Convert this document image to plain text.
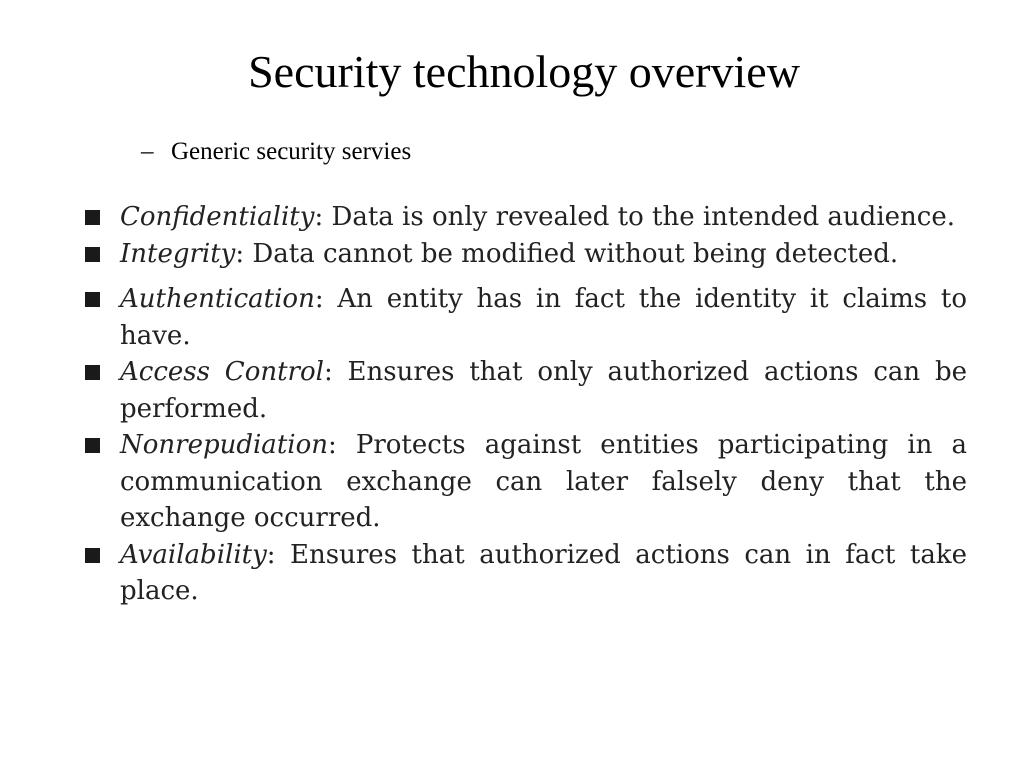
Security technology overview
– Generic security servies
Confidentiality: Data is only revealed to the intended audience.
Integrity: Data cannot be modified without being detected.
Authentication: An entity has in fact the identity it claims to have.
Access Control: Ensures that only authorized actions can be performed.
Nonrepudiation: Protects against entities participating in a communication exchange can later falsely deny that the exchange occurred.
Availability: Ensures that authorized actions can in fact take place.
